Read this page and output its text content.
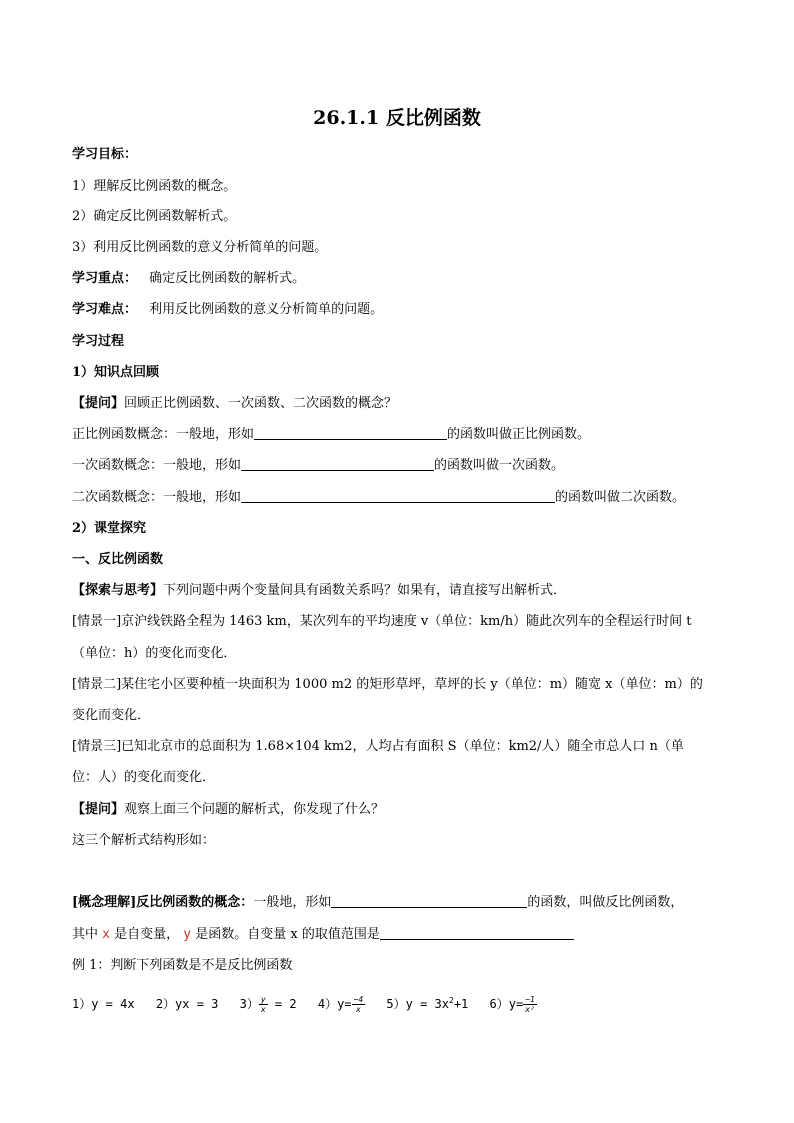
26.1.1 反比例函数
学习目标：
1）理解反比例函数的概念。
2）确定反比例函数解析式。
3）利用反比例函数的意义分析简单的问题。
学习重点： 确定反比例函数的解析式。
学习难点： 利用反比例函数的意义分析简单的问题。
学习过程
1）知识点回顾
【提问】回顾正比例函数、一次函数、二次函数的概念？
正比例函数概念：一般地，形如	的函数叫做正比例函数。
一次函数概念：一般地，形如	的函数叫做一次函数。
二次函数概念：一般地，形如	的函数叫做二次函数。
2）课堂探究
一、反比例函数
【探索与思考】下列问题中两个变量间具有函数关系吗？如果有，请直接写出解析式．
[情景一]京沪线铁路全程为 1463 km，某次列车的平均速度 v（单位：km/h）随此次列车的全程运行时间 t
（单位：h）的变化而变化．
[情景二]某住宅小区要种植一块面积为 1000 m2 的矩形草坪，草坪的长 y（单位：m）随宽 x（单位：m）的
变化而变化．
[情景三]已知北京市的总面积为 1.68×104 km2，人均占有面积 S（单位：km2/人）随全市总人口 n（单
位：人）的变化而变化．
【提问】观察上面三个问题的解析式，你发现了什么？
这三个解析式结构形如：
[概念理解]反比例函数的概念：一般地，形如	的函数，叫做反比例函数，
其中 x 是自变量， y 是函数。自变量 x 的取值范围是
例 1：判断下列函数是不是反比例函数
1）y = 4x 2）yx = 3 $3) \frac{y}{x} = 2$ $4)y= \frac{-4}{x} 5)y = 3x^2+1$ $6)y= \frac{-1}{\text{x²}}$
